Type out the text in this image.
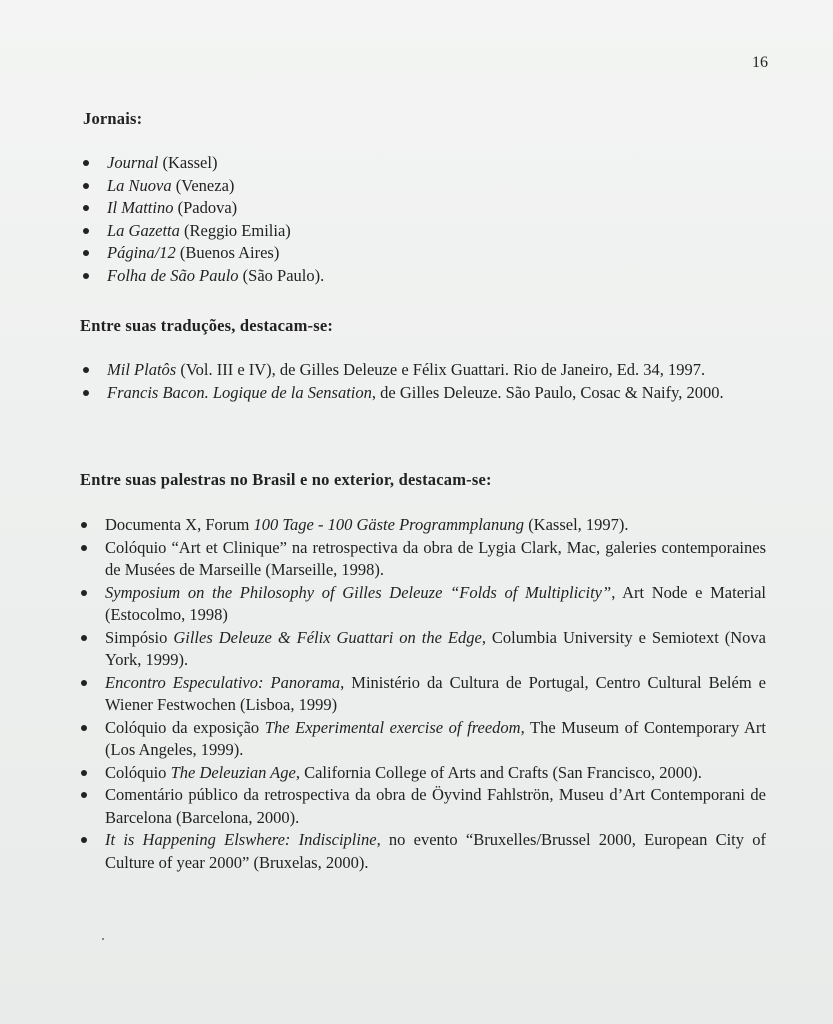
16
Jornais:
Journal (Kassel)
La Nuova (Veneza)
Il Mattino (Padova)
La Gazetta (Reggio Emilia)
Página/12 (Buenos Aires)
Folha de São Paulo (São Paulo).
Entre suas traduções, destacam-se:
Mil Platôs (Vol. III e IV), de Gilles Deleuze e Félix Guattari. Rio de Janeiro, Ed. 34, 1997.
Francis Bacon. Logique de la Sensation, de Gilles Deleuze. São Paulo, Cosac & Naify, 2000.
Entre suas palestras no Brasil e no exterior, destacam-se:
Documenta X, Forum 100 Tage - 100 Gäste Programmplanung (Kassel, 1997).
Colóquio “Art et Clinique” na retrospectiva da obra de Lygia Clark, Mac, galeries contemporaines de Musées de Marseille (Marseille, 1998).
Symposium on the Philosophy of Gilles Deleuze “Folds of Multiplicity”, Art Node e Material (Estocolmo, 1998)
Simpósio Gilles Deleuze & Félix Guattari on the Edge, Columbia University e Semiotext (Nova York, 1999).
Encontro Especulativo: Panorama, Ministério da Cultura de Portugal, Centro Cultural Belém e Wiener Festwochen (Lisboa, 1999)
Colóquio da exposição The Experimental exercise of freedom, The Museum of Contemporary Art (Los Angeles, 1999).
Colóquio The Deleuzian Age, California College of Arts and Crafts (San Francisco, 2000).
Comentário público da retrospectiva da obra de Öyvind Fahlströn, Museu d’Art Contemporani de Barcelona (Barcelona, 2000).
It is Happening Elswhere: Indiscipline, no evento “Bruxelles/Brussel 2000, European City of Culture of year 2000” (Bruxelas, 2000).
